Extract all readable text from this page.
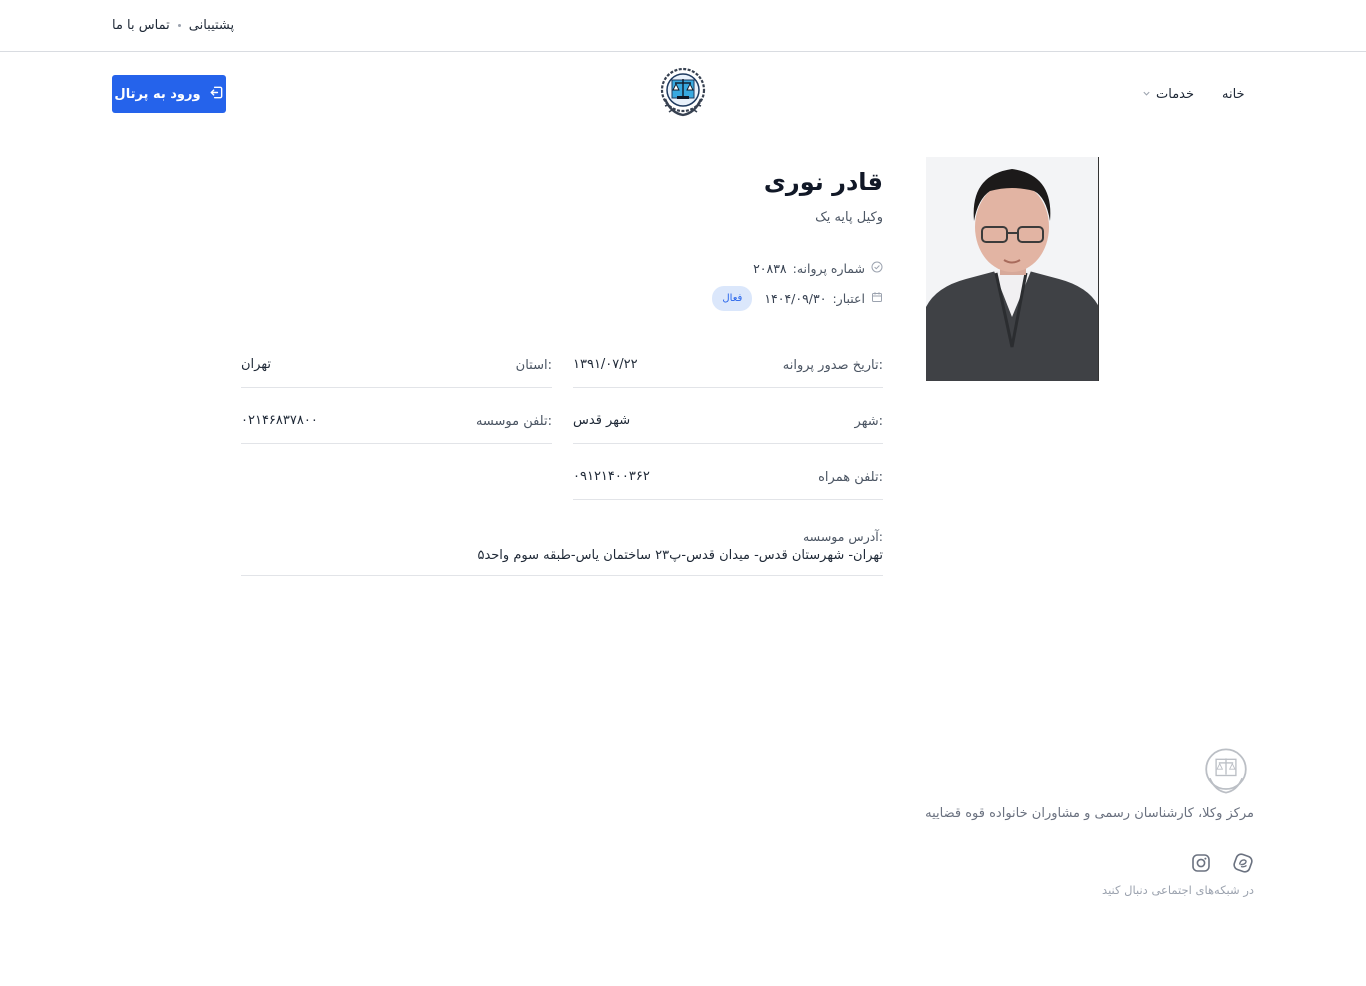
تماس با ما پشتیبانی
ورود به پرتال	خدمات خانه
قادر نوری
وکیل پایه یک
شماره پروانه:
۲۰۸۳۸
اعتبار:
۱۴۰۴/۰۹/۳۰
فعال
تاریخ صدور پروانه:
۱۳۹۱/۰۷/۲۲
استان:
تهران
شهر:
شهر قدس
تلفن موسسه:
۰۲۱۴۶۸۳۷۸۰۰
تلفن همراه:
۰۹۱۲۱۴۰۰۳۶۲
آدرس موسسه:
تهران- شهرستان قدس- میدان قدس-پ۲۳ ساختمان یاس-طبقه سوم واحد۵
مرکز وکلا، کارشناسان رسمی و مشاوران خانواده قوه قضاییه
در شبکه‌های اجتماعی دنبال کنید
